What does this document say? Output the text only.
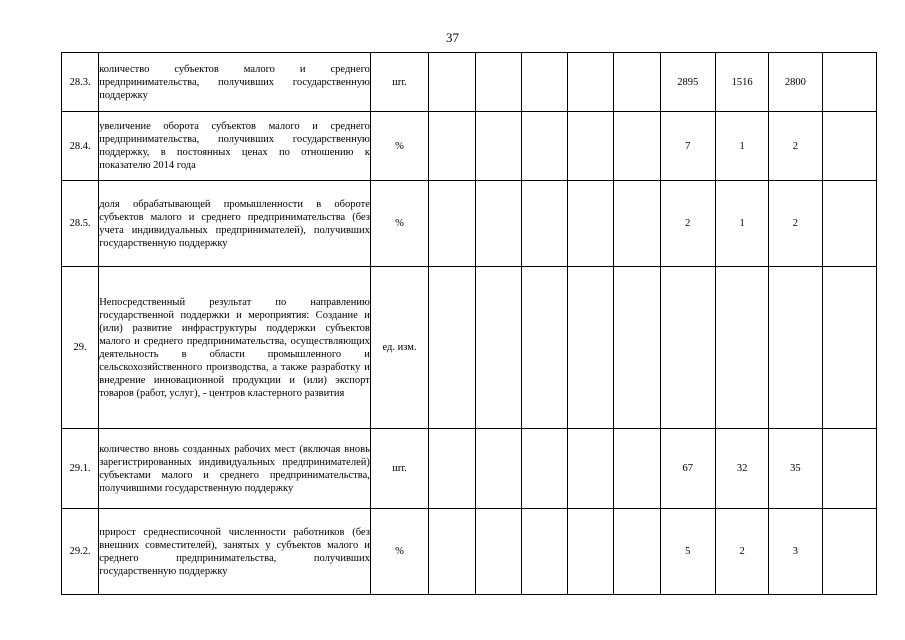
37
28.3.	количество субъектов малого и среднего предпринимательства, получивших государственную поддержку	шт.						2895	1516	2800	
28.4.	увеличение оборота субъектов малого и среднего предпринимательства, получивших государственную поддержку, в постоянных ценах по отношению к показателю 2014 года	%						7	1	2	
28.5.	доля обрабатывающей промышленности в обороте субъектов малого и среднего предпринимательства (без учета индивидуальных предпринимателей), получивших государственную поддержку	%						2	1	2	
29.	Непосредственный результат по направлению государственной поддержки и мероприятия: Создание и (или) развитие инфраструктуры поддержки субъектов малого и среднего предпринимательства, осуществляющих деятельность в области промышленного и сельскохозяйственного производства, а также разработку и внедрение инновационной продукции и (или) экспорт товаров (работ, услуг), - центров кластерного развития	ед. изм.									
29.1.	количество вновь созданных рабочих мест (включая вновь зарегистрированных индивидуальных предпринимателей) субъектами малого и среднего предпринимательства, получившими государственную поддержку	шт.						67	32	35	
29.2.	прирост среднесписочной численности работников (без внешних совместителей), занятых у субъектов малого и среднего предпринимательства, получивших государственную поддержку	%						5	2	3	
